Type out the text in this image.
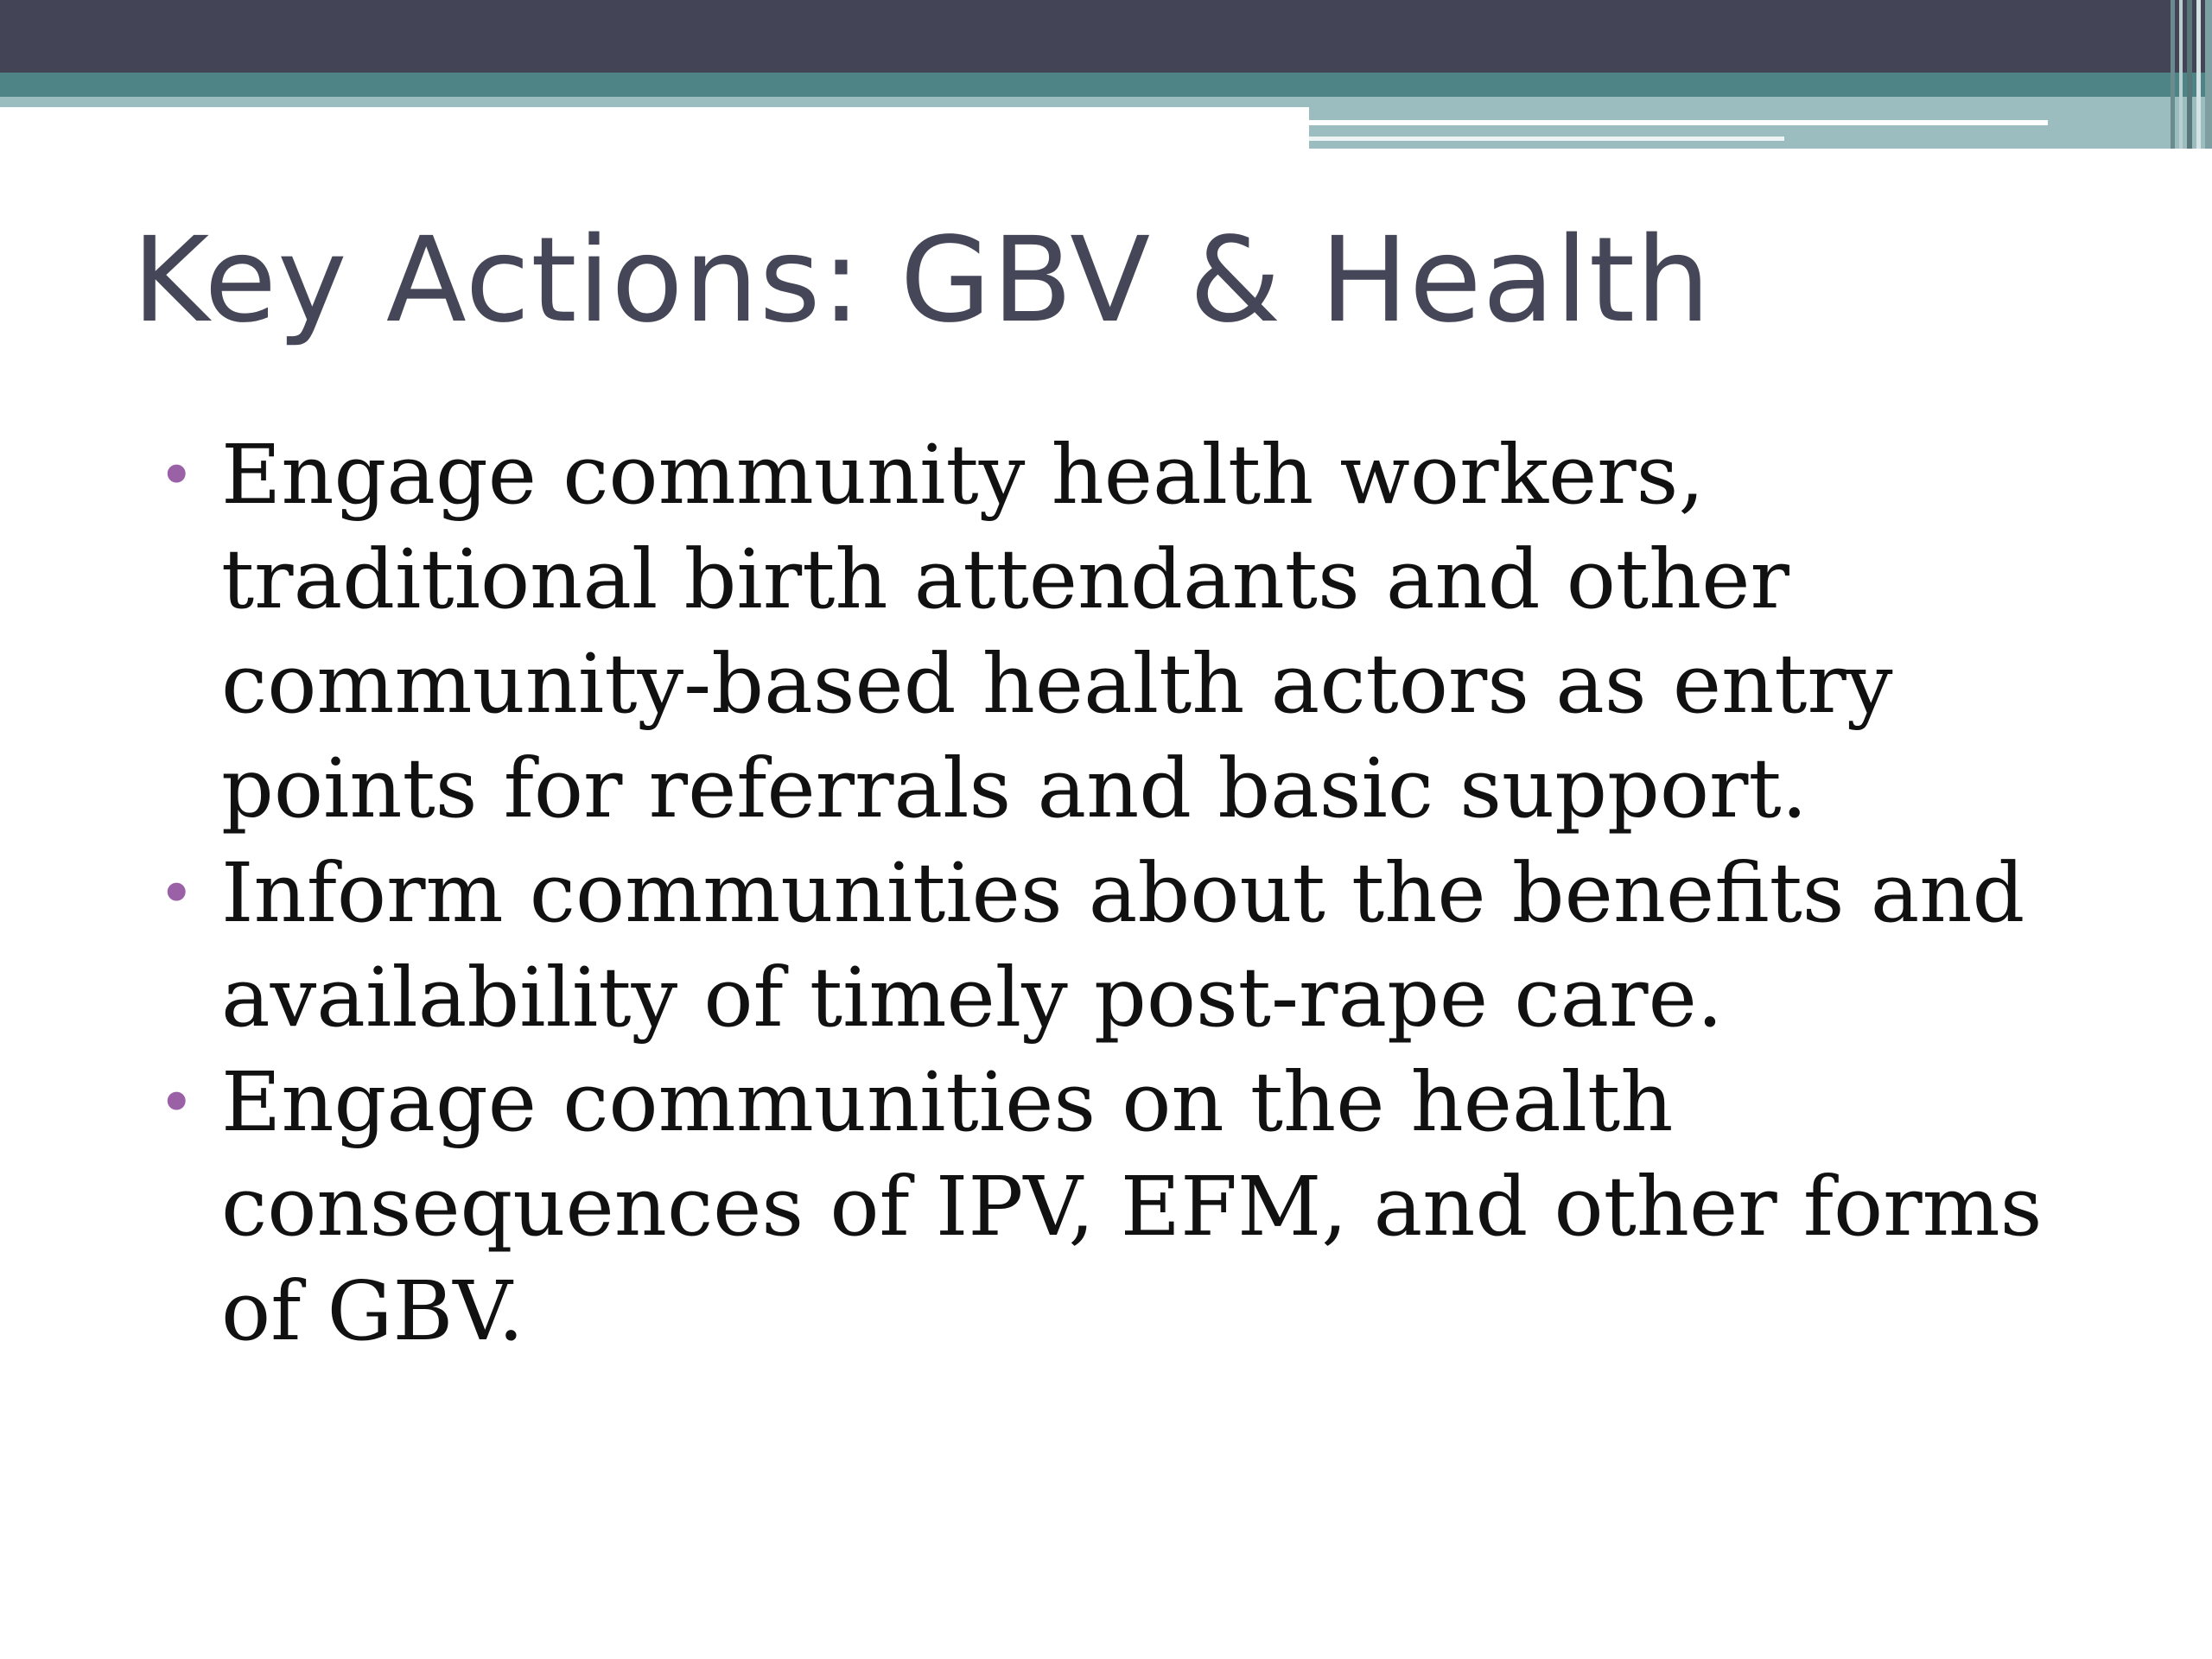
Key Actions: GBV & Health
• Engage community health workers, traditional birth attendants and other community-based health actors as entry points for referrals and basic support.
• Inform communities about the benefits and availability of timely post-rape care.
• Engage communities on the health consequences of IPV, EFM, and other forms of GBV.
